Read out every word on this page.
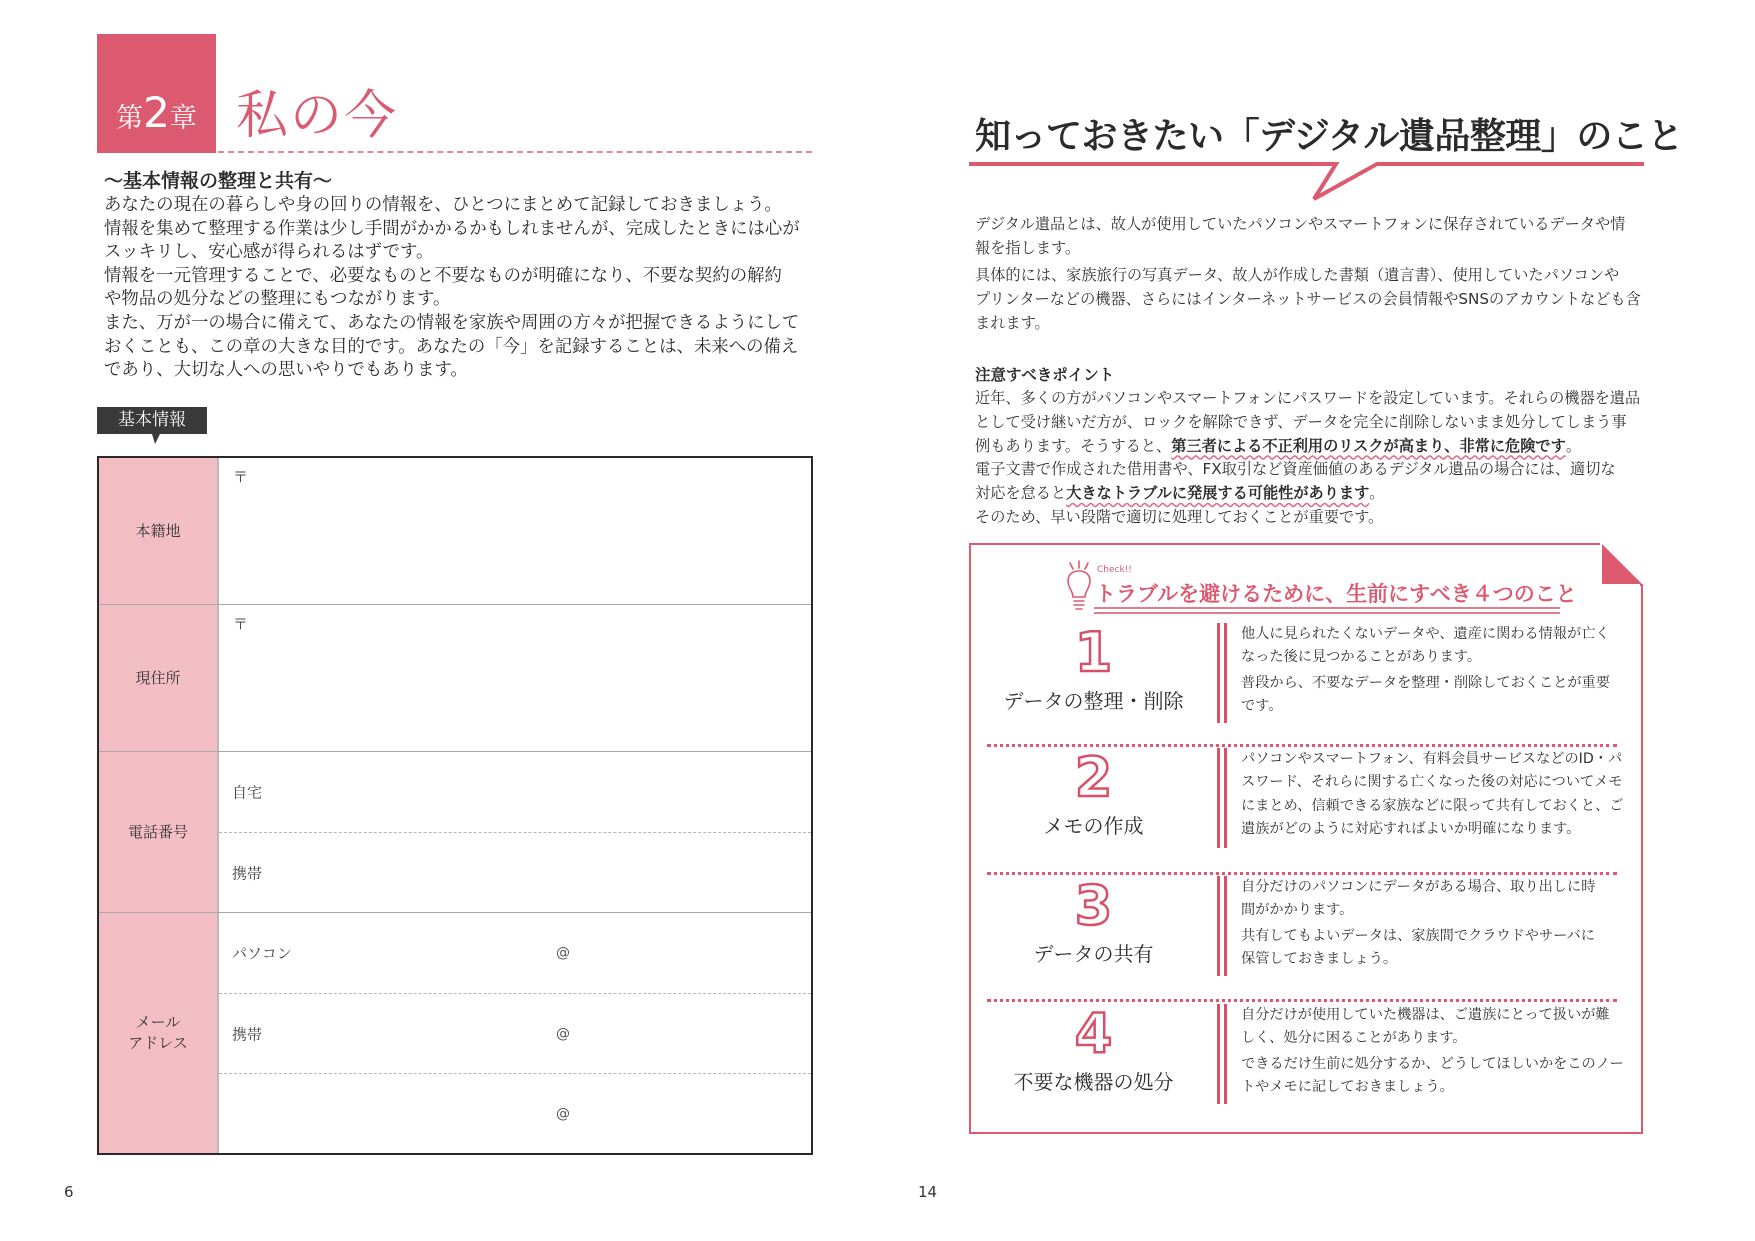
第2章 私の今
～基本情報の整理と共有～

あなたの現在の暮らしや身の回りの情報を、ひとつにまとめて記録しておきましょう。

情報を集めて整理する作業は少し手間がかかるかもしれませんが、完成したときには心が

スッキリし、安心感が得られるはずです。

情報を一元管理することで、必要なものと不要なものが明確になり、不要な契約の解約

や物品の処分などの整理にもつながります。

また、万が一の場合に備えて、あなたの情報を家族や周囲の方々が把握できるようにして

おくことも、この章の大きな目的です。あなたの「今」を記録することは、未来への備え

であり、大切な人への思いやりでもあります。

基本情報
本籍地
〒
現住所
〒
電話番号
自宅
携帯
メール
アドレス
パソコン	@
携帯	@
@
6
知っておきたい「デジタル遺品整理」のこと

デジタル遺品とは、故人が使用していたパソコンやスマートフォンに保存されているデータや情

報を指します。

具体的には、家族旅行の写真データ、故人が作成した書類（遺言書）、使用していたパソコンや

プリンターなどの機器、さらにはインターネットサービスの会員情報やSNSのアカウントなども含

まれます。

注意すべきポイント

近年、多くの方がパソコンやスマートフォンにパスワードを設定しています。それらの機器を遺品

として受け継いだ方が、ロックを解除できず、データを完全に削除しないまま処分してしまう事

例もあります。そうすると、第三者による不正利用のリスクが高まり、非常に危険です。

電子文書で作成された借用書や、FX取引など資産価値のあるデジタル遺品の場合には、適切な

対応を怠ると大きなトラブルに発展する可能性があります。

そのため、早い段階で適切に処理しておくことが重要です。

1
データの整理・削除

他人に見られたくないデータや、遺産に関わる情報が亡く

なった後に見つかることがあります。

普段から、不要なデータを整理・削除しておくことが重要

です。

2
メモの作成

パソコンやスマートフォン、有料会員サービスなどのID・パ

スワード、それらに関する亡くなった後の対応についてメモ

にまとめ、信頼できる家族などに限って共有しておくと、ご

遺族がどのように対応すればよいか明確になります。

3
データの共有

自分だけのパソコンにデータがある場合、取り出しに時

間がかかります。

共有してもよいデータは、家族間でクラウドやサーバに

保管しておきましょう。

4
不要な機器の処分

自分だけが使用していた機器は、ご遺族にとって扱いが難

しく、処分に困ることがあります。

できるだけ生前に処分するか、どうしてほしいかをこのノー

トやメモに記しておきましょう。

Check!!
トラブルを避けるために、生前にすべき４つのこと
14
